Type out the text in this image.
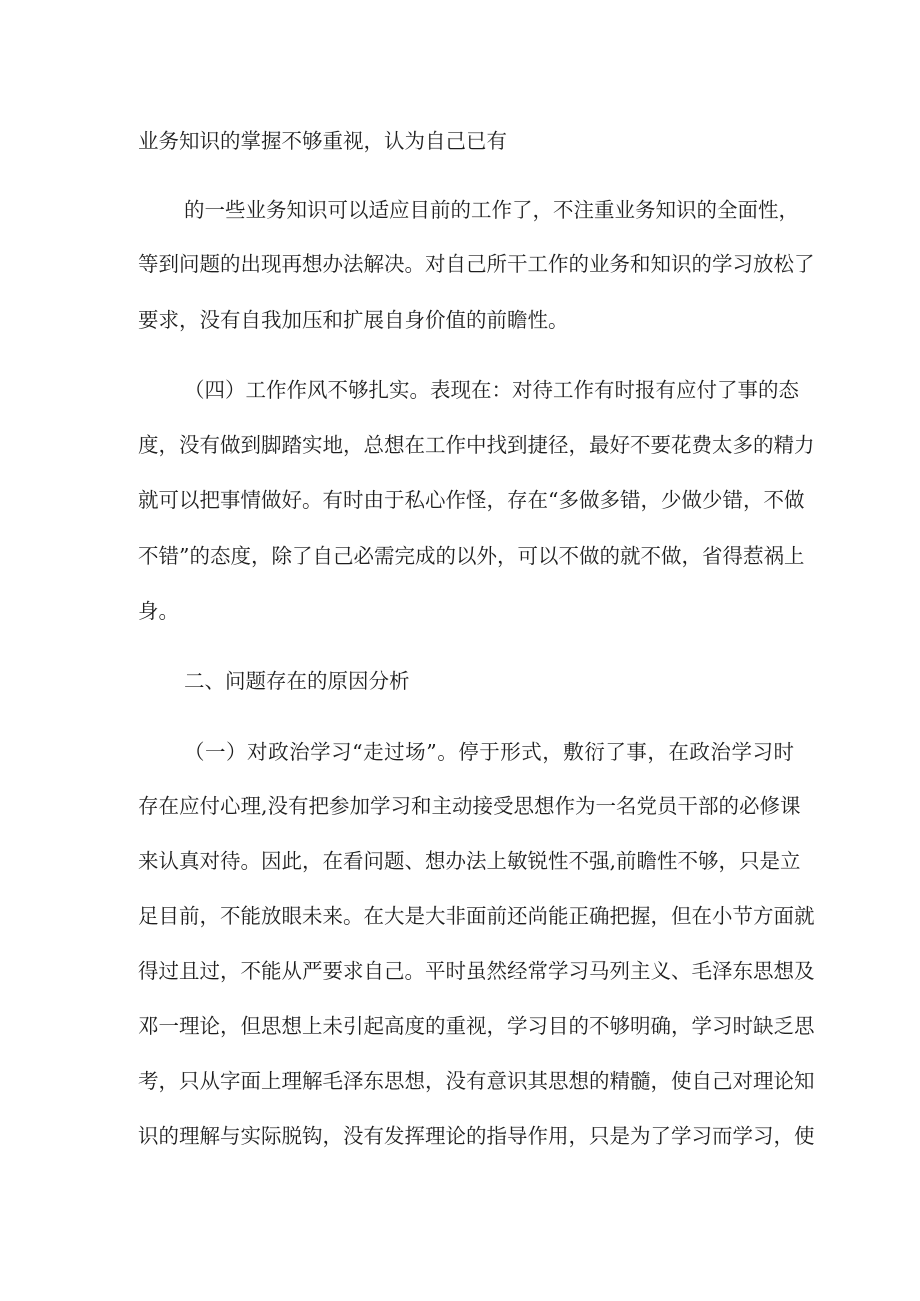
业务知识的掌握不够重视，认为自己已有
的一些业务知识可以适应目前的工作了，不注重业务知识的全面性，
等到问题的出现再想办法解决。对自己所干工作的业务和知识的学习放松了
要求，没有自我加压和扩展自身价值的前瞻性。
（四）工作作风不够扎实。表现在：对待工作有时报有应付了事的态
度，没有做到脚踏实地，总想在工作中找到捷径，最好不要花费太多的精力
就可以把事情做好。有时由于私心作怪，存在“多做多错，少做少错，不做
不错”的态度，除了自己必需完成的以外，可以不做的就不做，省得惹祸上
身。
二、问题存在的原因分析
（一）对政治学习“走过场”。停于形式，敷衍了事，在政治学习时
存在应付心理,没有把参加学习和主动接受思想作为一名党员干部的必修课
来认真对待。因此，在看问题、想办法上敏锐性不强,前瞻性不够，只是立
足目前，不能放眼未来。在大是大非面前还尚能正确把握，但在小节方面就
得过且过，不能从严要求自己。平时虽然经常学习马列主义、毛泽东思想及
邓一理论，但思想上未引起高度的重视，学习目的不够明确，学习时缺乏思
考，只从字面上理解毛泽东思想，没有意识其思想的精髓，使自己对理论知
识的理解与实际脱钩，没有发挥理论的指导作用，只是为了学习而学习，使
